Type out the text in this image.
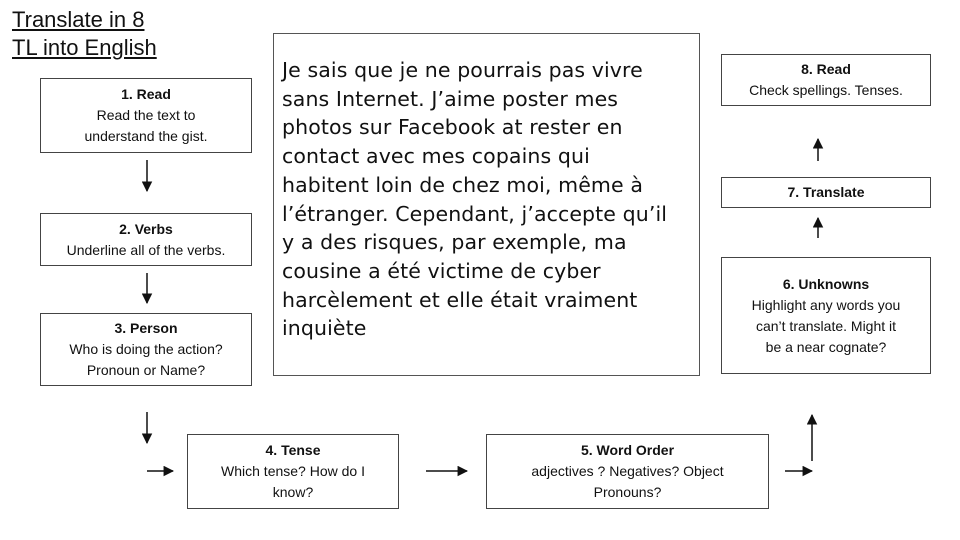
Translate in 8
TL into English
1. Read
Read the text to
understand the gist.
2. Verbs
Underline all of the verbs.
3. Person
Who is doing the action?
Pronoun or Name?
4. Tense
Which tense? How do I
know?
5. Word Order
adjectives ? Negatives? Object
Pronouns?
6. Unknowns
Highlight any words you
can’t translate. Might it
be a near cognate?
7. Translate
8. Read
Check spellings. Tenses.
Je sais que je ne pourrais pas vivre
sans Internet. J’aime poster mes
photos sur Facebook at rester en
contact avec mes copains qui
habitent loin de chez moi, même à
l’étranger. Cependant, j’accepte qu’il
y a des risques, par exemple, ma
cousine a été victime de cyber
harcèlement et elle était vraiment
inquiète
